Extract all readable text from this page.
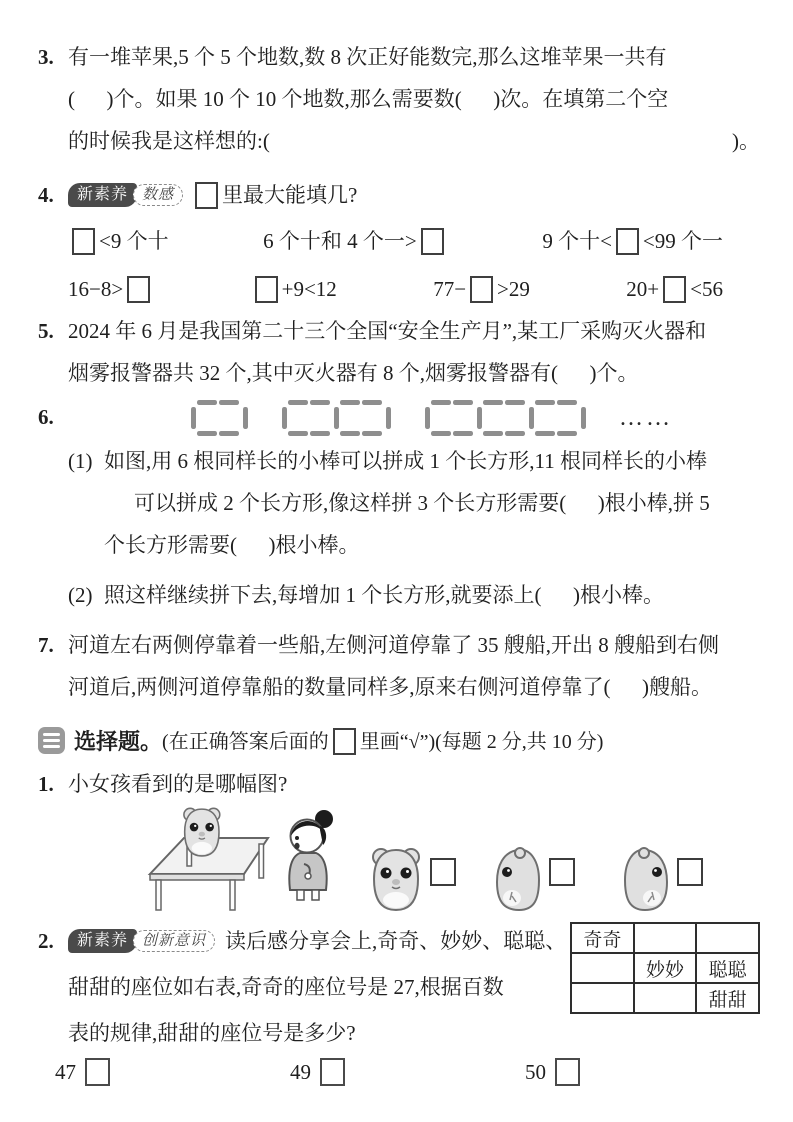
3. 有一堆苹果,5 个 5 个地数,数 8 次正好能数完,那么这堆苹果一共有
(      )个。如果 10 个 10 个地数,那么需要数(      )次。在填第二个空
的时候我是这样想的:(	)。
4.	新素养 数感	里最大能填几?
<9 个十	6 个十和 4 个一>	9 个十< <99 个一
16−8>	+9<12	77− >29	20+ <56
5. 2024 年 6 月是我国第二十三个全国“安全生产月”,某工厂采购灭火器和
烟雾报警器共 32 个,其中灭火器有 8 个,烟雾报警器有(      )个。
6.	……
(1) 如图,用 6 根同样长的小棒可以拼成 1 个长方形,11 根同样长的小棒
可以拼成 2 个长方形,像这样拼 3 个长方形需要(      )根小棒,拼 5
个长方形需要(      )根小棒。
(2) 照这样继续拼下去,每增加 1 个长方形,就要添上(      )根小棒。
7. 河道左右两侧停靠着一些船,左侧河道停靠了 35 艘船,开出 8 艘船到右侧
河道后,两侧河道停靠船的数量同样多,原来右侧河道停靠了(      )艘船。
选择题。 (在正确答案后面的 里画“√”)(每题 2 分,共 10 分)
1. 小女孩看到的是哪幅图?
2.	新素养 创新意识 读后感分享会上,奇奇、妙妙、聪聪、
甜甜的座位如右表,奇奇的座位号是 27,根据百数
表的规律,甜甜的座位号是多少?
奇奇		
	妙妙	聪聪
		甜甜
47	49	50
